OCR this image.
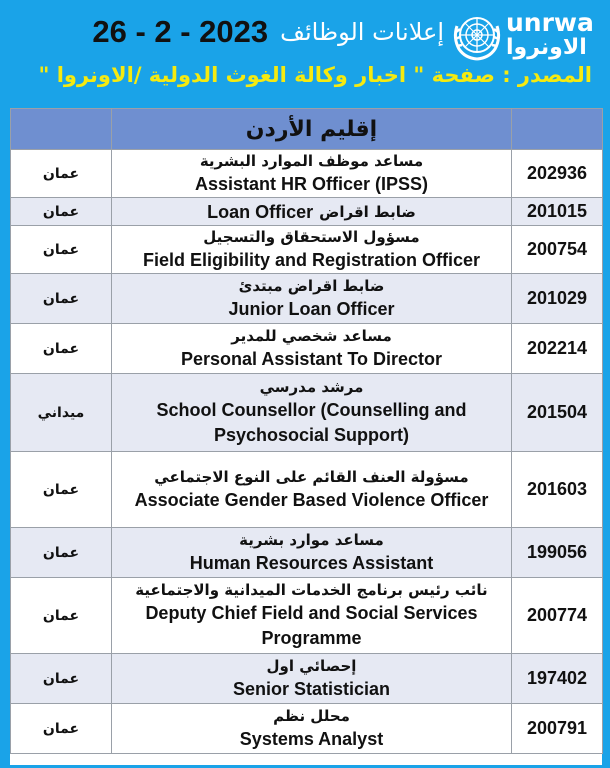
unrwa
الاونروا
إعلانات الوظائف
26 - 2 - 2023
المصدر : صفحة " اخبار وكالة الغوث الدولية /الاونروا "
	إقليم الأردن	
عمان	مساعد موظف الموارد البشرية
Assistant HR Officer (IPSS)	202936
عمان	Loan Officer ضابط اقراض	201015
عمان	مسؤول الاستحقاق والتسجيل
Field Eligibility and Registration Officer	200754
عمان	ضابط اقراض مبتدئ
Junior Loan Officer	201029
عمان	مساعد شخصي للمدير
Personal Assistant To Director	202214
ميداني	مرشد مدرسي
School Counsellor (Counselling and Psychosocial Support)	201504
عمان	مسؤولة العنف القائم على النوع الاجتماعي
Associate Gender Based Violence Officer	201603
عمان	مساعد موارد بشرية
Human Resources Assistant	199056
عمان	نائب رئيس برنامج الخدمات الميدانية والاجتماعية
Deputy Chief Field and Social Services Programme	200774
عمان	إحصائي اول
Senior Statistician	197402
عمان	محلل نظم
Systems Analyst	200791
